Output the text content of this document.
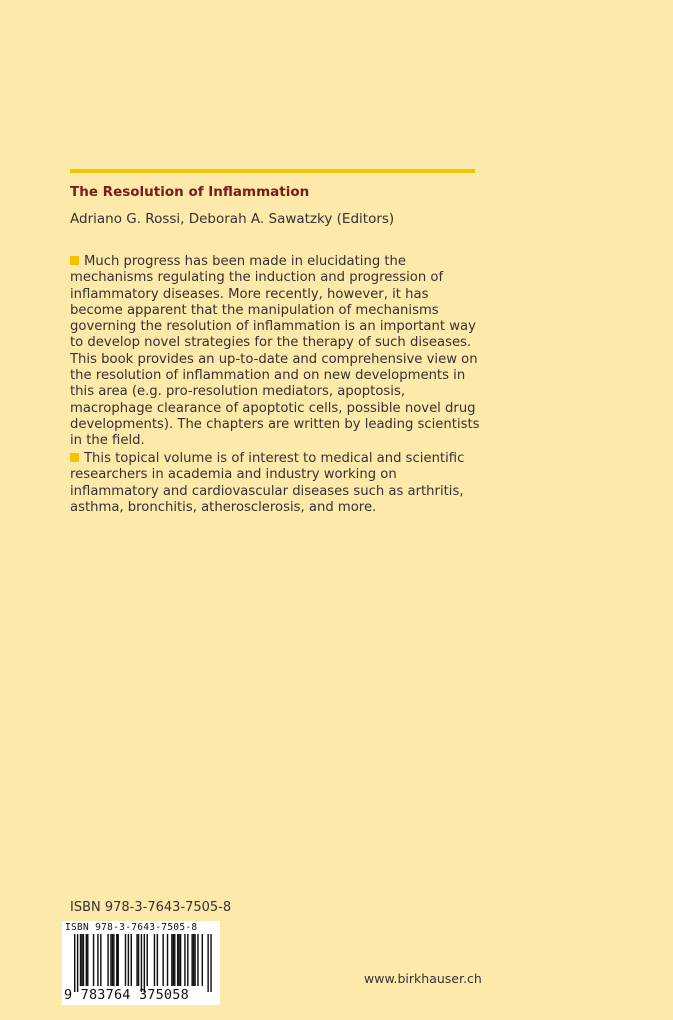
The Resolution of Inflammation
Adriano G. Rossi, Deborah A. Sawatzky (Editors)
Much progress has been made in elucidating the mechanisms regulating the induction and progression of inflammatory diseases. More recently, however, it has become apparent that the manipulation of mechanisms governing the resolution of inflammation is an important way to develop novel strategies for the therapy of such diseases. This book provides an up-to-date and comprehensive view on the resolution of inflammation and on new developments in this area (e.g. pro-resolution mediators, apoptosis, macrophage clearance of apoptotic cells, possible novel drug developments). The chapters are written by leading scientists in the field.
This topical volume is of interest to medical and scientific researchers in academia and industry working on inflammatory and cardiovascular diseases such as arthritis, asthma, bronchitis, atherosclerosis, and more.
ISBN 978-3-7643-7505-8
ISBN 978-3-7643-7505-8
9 783764 375058
www.birkhauser.ch
